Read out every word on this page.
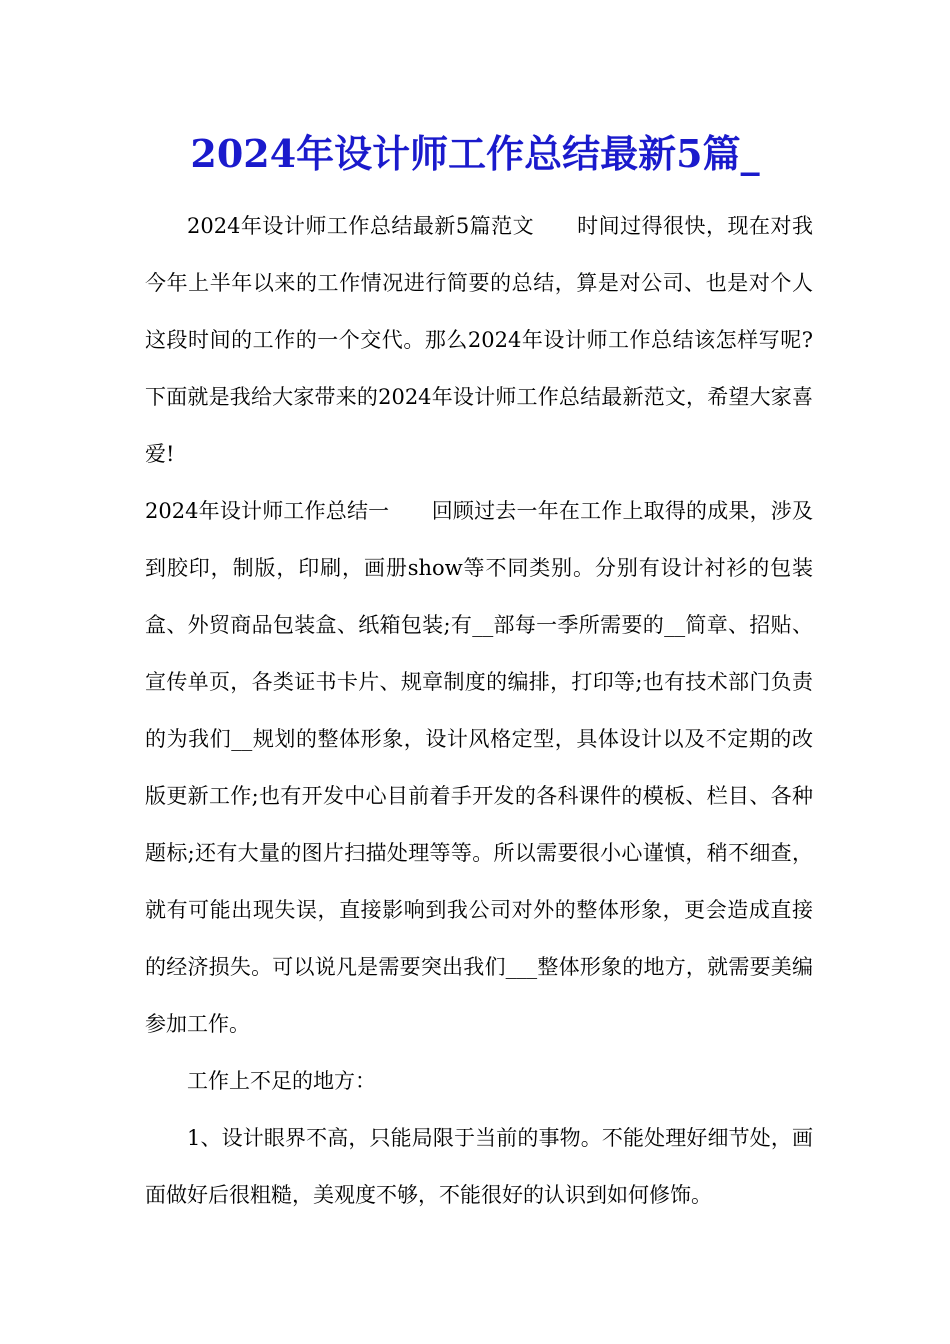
2024年设计师工作总结最新5篇_

2024年设计师工作总结最新5篇范文　　时间过得很快，现在对我今年上半年以来的工作情况进行简要的总结，算是对公司、也是对个人这段时间的工作的一个交代。那么2024年设计师工作总结该怎样写呢?下面就是我给大家带来的2024年设计师工作总结最新范文，希望大家喜爱!

2024年设计师工作总结一　　回顾过去一年在工作上取得的成果，涉及到胶印，制版，印刷，画册show等不同类别。分别有设计衬衫的包装盒、外贸商品包装盒、纸箱包装;有__部每一季所需要的__简章、招贴、宣传单页，各类证书卡片、规章制度的编排，打印等;也有技术部门负责的为我们__规划的整体形象，设计风格定型，具体设计以及不定期的改版更新工作;也有开发中心目前着手开发的各科课件的模板、栏目、各种题标;还有大量的图片扫描处理等等。所以需要很小心谨慎，稍不细查，就有可能出现失误，直接影响到我公司对外的整体形象，更会造成直接的经济损失。可以说凡是需要突出我们___整体形象的地方，就需要美编参加工作。

工作上不足的地方：

1、设计眼界不高，只能局限于当前的事物。不能处理好细节处，画面做好后很粗糙，美观度不够，不能很好的认识到如何修饰。
